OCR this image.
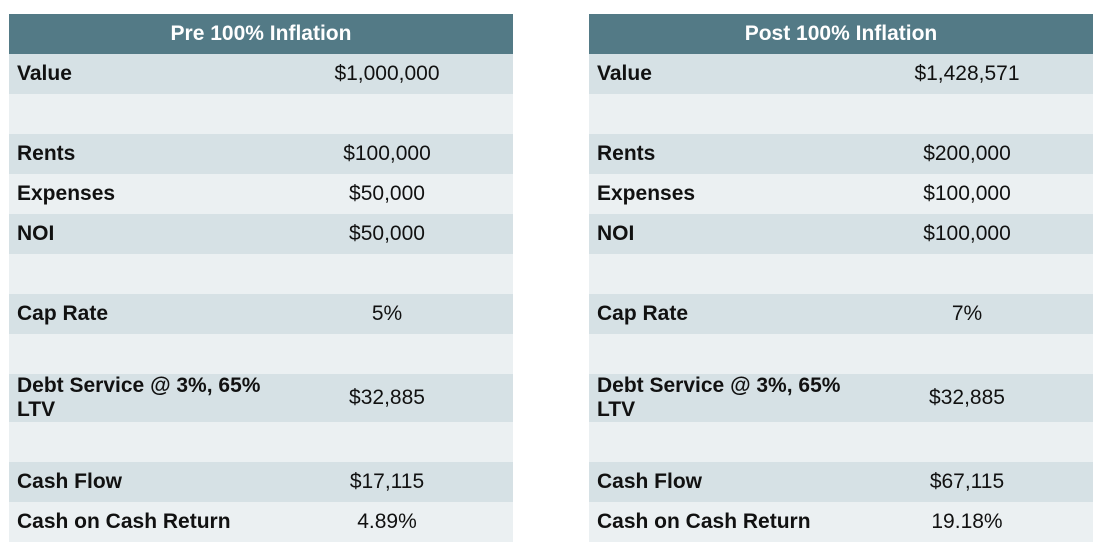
Pre 100% Inflation	
Value	$1,000,000

Rents	$100,000
Expenses	$50,000
NOI	$50,000

Cap Rate	5%

Debt Service @ 3%, 65% LTV	$32,885

Cash Flow	$17,115
Cash on Cash Return	4.89%
Post 100% Inflation	
Value	$1,428,571

Rents	$200,000
Expenses	$100,000
NOI	$100,000

Cap Rate	7%

Debt Service @ 3%, 65% LTV	$32,885

Cash Flow	$67,115
Cash on Cash Return	19.18%
